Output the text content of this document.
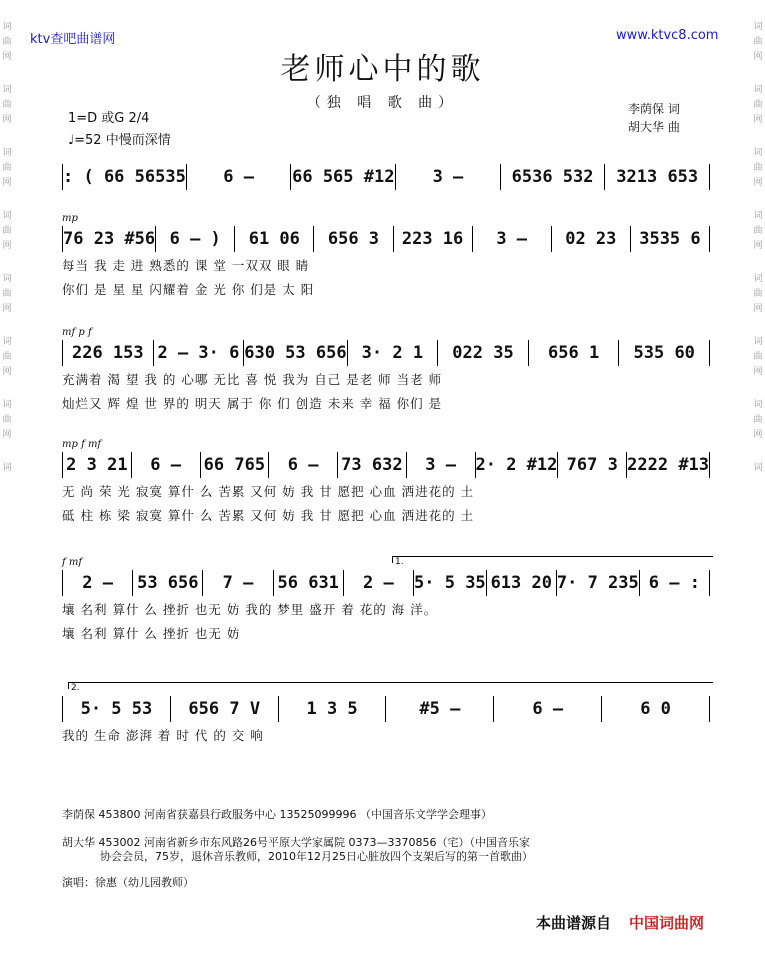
词
曲
网
词
曲
网
词
曲
网
词
曲
网
词
曲
网
词
曲
网
词
曲
网
词
词
曲
网
词
曲
网
词
曲
网
词
曲
网
词
曲
网
词
曲
网
词
曲
网
词
ktv查吧曲谱网	www.ktvc8.com
老师心中的歌
（独 唱 歌 曲）
1=D 或G 2/4
♩=52 中慢而深情
李荫保 词
胡大华 曲
: ( 66 56535	6 –	66 565 #12	3 –	6536 532	3213 653
mp
76 23 #56 6 – )	61 06	656 3	223 16	3 –	02 23	3535 6
每当 我 走 进 熟悉的 课 堂 一双双 眼 睛
你们 是 星 星 闪耀着 金 光 你 们是 太 阳
mf p f
226 153 2 – 3· 6 630 53 656 3· 2 1	022 35	656 1	535 60
充满着 渴 望 我 的 心哪 无比 喜 悦 我为 自己 是老 师 当老 师
灿烂又 辉 煌 世 界的 明天 属于 你 们 创造 未来 幸 福 你们 是
mp f mf
2 3 21	6 –	66 765	6 –	73 632	3 –	2· 2 #12 767 3 2222 #13
无 尚 荣 光 寂寞 算什 么 苦累 又何 妨 我 甘 愿把 心血 洒进花的 土
砥 柱 栋 梁 寂寞 算什 么 苦累 又何 妨 我 甘 愿把 心血 洒进花的 土
f mf	1.
2 –	53 656	7 –	56 631	2 –	5· 5 35 613 20 7· 7 235 6 – :
壤 名利 算什 么 挫折 也无 妨 我的 梦里 盛开 着 花的 海 洋。
壤 名利 算什 么 挫折 也无 妨
2.
5· 5 53	656 7 V	1 3 5	#5 –	6 –	6 0
我的 生命 澎湃 着 时 代 的 交 响
李荫保 453800 河南省获嘉县行政服务中心 13525099996 （中国音乐文学学会理事）
胡大华 453002 河南省新乡市东风路26号平原大学家属院 0373—3370856（宅）（中国音乐家
协会会员，75岁，退休音乐教师，2010年12月25日心脏放四个支架后写的第一首歌曲）
演唱：徐惠（幼儿园教师）
本曲谱源自 中国词曲网
